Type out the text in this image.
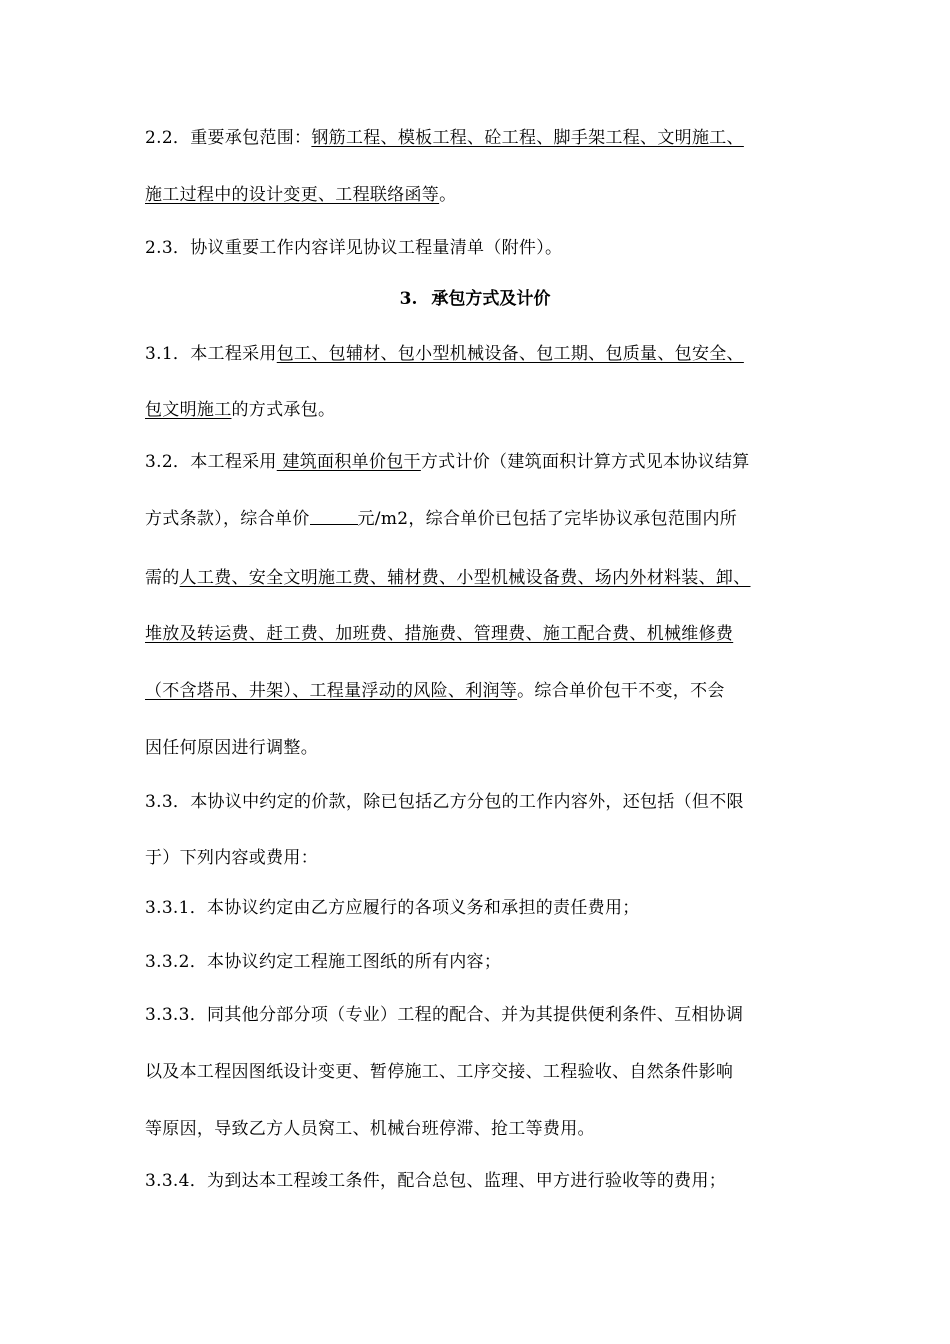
2.2．重要承包范围：钢筋工程、模板工程、砼工程、脚手架工程、文明施工、
施工过程中的设计变更、工程联络函等。
2.3．协议重要工作内容详见协议工程量清单（附件）。
3. 承包方式及计价
3.1．本工程采用包工、包辅材、包小型机械设备、包工期、包质量、包安全、
包文明施工的方式承包。
3.2．本工程采用 建筑面积单价包干方式计价（建筑面积计算方式见本协议结算
方式条款），综合单价	元/m2，综合单价已包括了完毕协议承包范围内所
需的人工费、安全文明施工费、辅材费、小型机械设备费、场内外材料装、卸、
堆放及转运费、赶工费、加班费、措施费、管理费、施工配合费、机械维修费
（不含塔吊、井架）、工程量浮动的风险、利润等。综合单价包干不变，不会
因任何原因进行调整。
3.3．本协议中约定的价款，除已包括乙方分包的工作内容外，还包括（但不限
于）下列内容或费用：
3.3.1．本协议约定由乙方应履行的各项义务和承担的责任费用；
3.3.2．本协议约定工程施工图纸的所有内容；
3.3.3．同其他分部分项（专业）工程的配合、并为其提供便利条件、互相协调
以及本工程因图纸设计变更、暂停施工、工序交接、工程验收、自然条件影响
等原因，导致乙方人员窝工、机械台班停滞、抢工等费用。
3.3.4．为到达本工程竣工条件，配合总包、监理、甲方进行验收等的费用；
